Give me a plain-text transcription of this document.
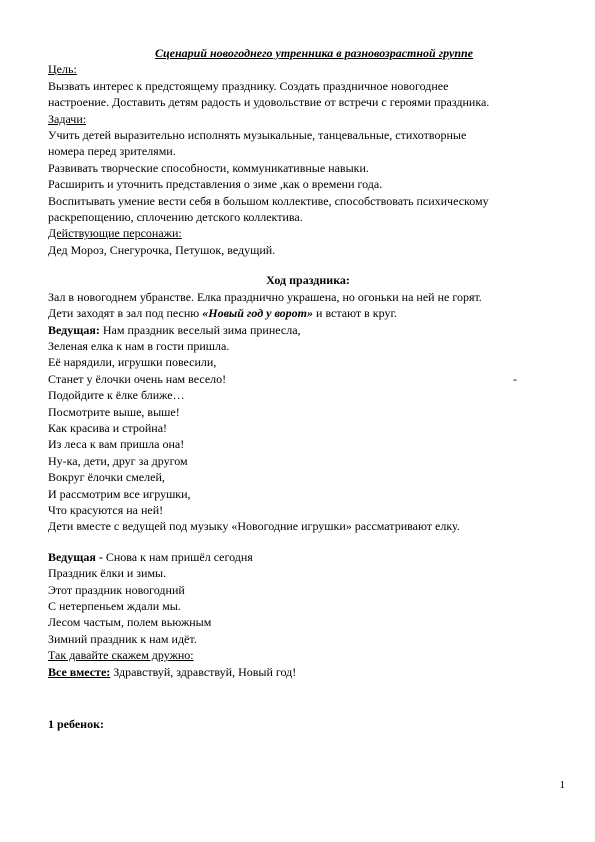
Сценарий новогоднего утренника в разновозрастной группе
Цель:
Вызвать интерес к предстоящему празднику. Создать праздничное новогоднее
настроение. Доставить детям радость и удовольствие от встречи с героями праздника.
Задачи:
Учить детей выразительно исполнять музыкальные, танцевальные, стихотворные
номера перед зрителями.
Развивать творческие способности, коммуникативные навыки.
Расширить и уточнить представления о зиме ,как о времени года.
Воспитывать умение вести себя в большом коллективе, способствовать психическому
раскрепощению, сплочению детского коллектива.
Действующие персонажи:
Дед Мороз, Снегурочка, Петушок, ведущий.
Ход праздника:
Зал в новогоднем убранстве. Елка празднично украшена, но огоньки на ней не горят.
Дети заходят в зал под песню «Новый год у ворот» и встают в круг.
Ведущая: Нам праздник веселый зима принесла,
Зеленая елка к нам в гости пришла.
Её нарядили, игрушки повесили,
Станет у ёлочки очень нам весело!	-
Подойдите к ёлке ближе…
Посмотрите выше, выше!
Как красива и стройна!
Из леса к вам пришла она!
Ну-ка, дети, друг за другом
Вокруг ёлочки смелей,
И рассмотрим все игрушки,
Что красуются на ней!
Дети вместе с ведущей под музыку «Новогодние игрушки» рассматривают елку.
Ведущая - Снова к нам пришёл сегодня
Праздник ёлки и зимы.
Этот праздник новогодний
С нетерпеньем ждали мы.
Лесом частым, полем вьюжным
Зимний праздник к нам идёт.
Так давайте скажем дружно:
Все вместе: Здравствуй, здравствуй, Новый год!
1 ребенок:
1
